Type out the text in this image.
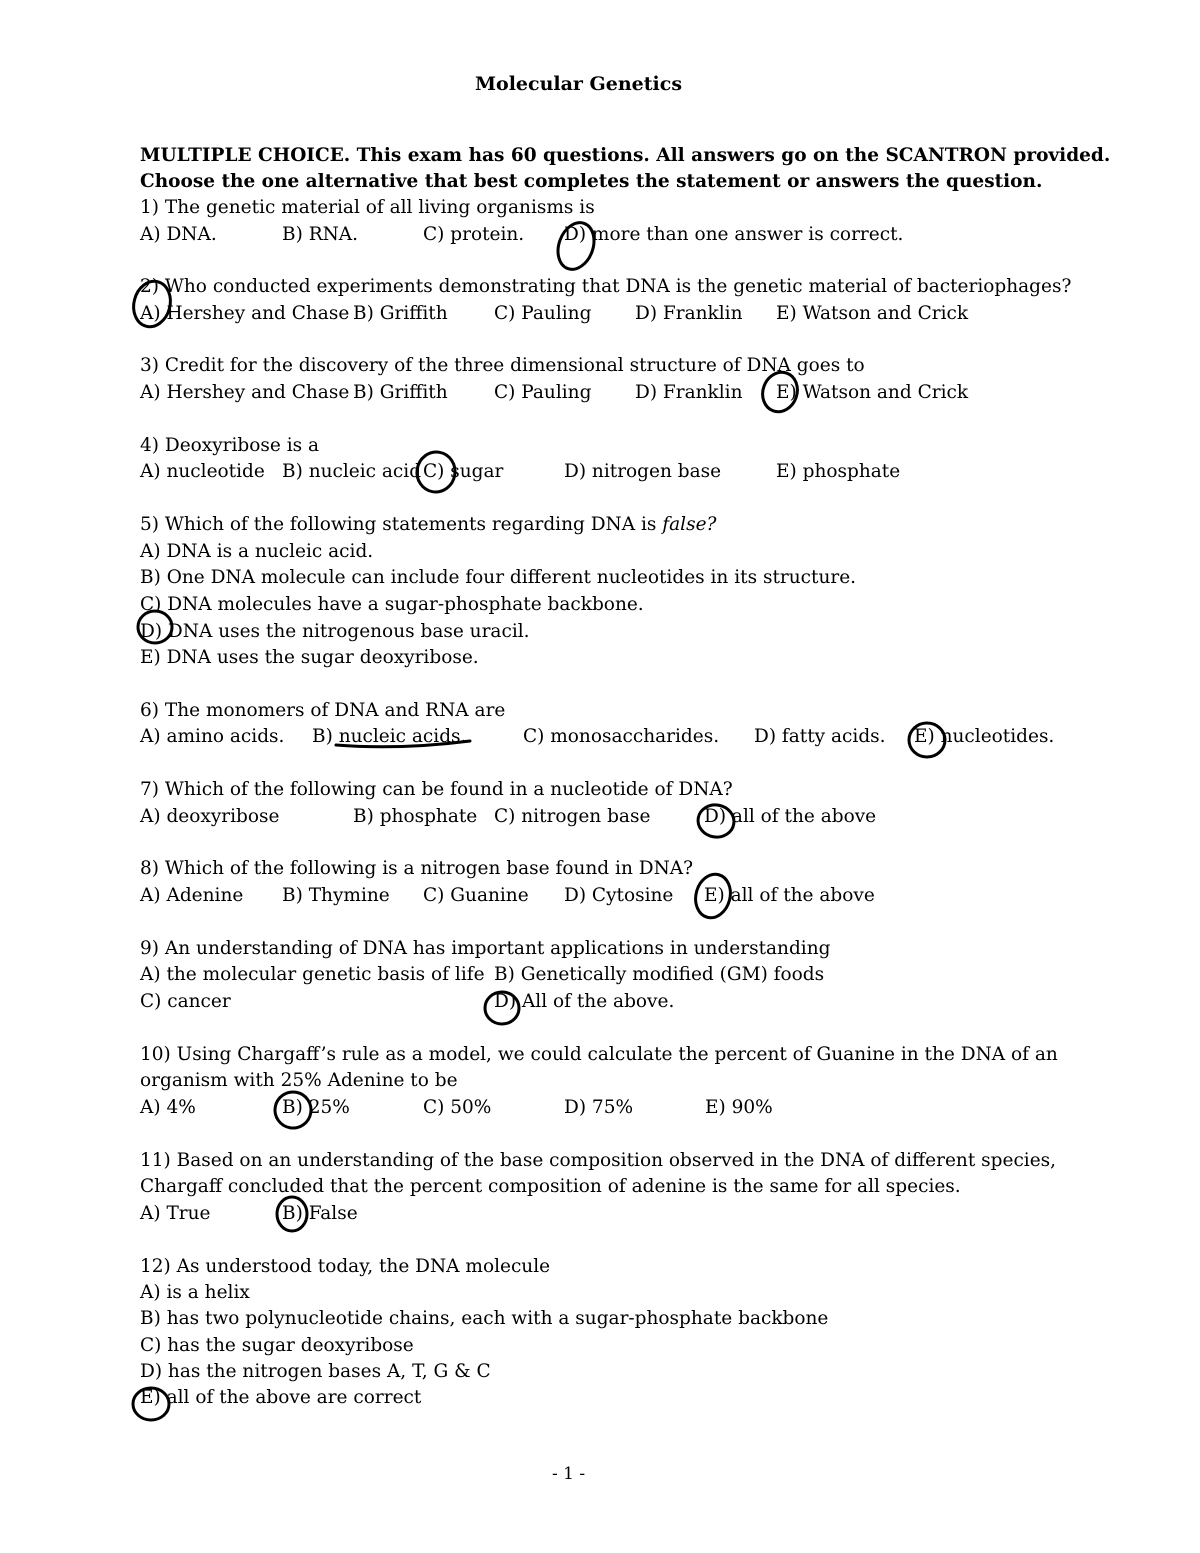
Molecular Genetics
MULTIPLE CHOICE. This exam has 60 questions. All answers go on the SCANTRON provided.
Choose the one alternative that best completes the statement or answers the question.
1) The genetic material of all living organisms is
A) DNA.	B) RNA.	C) protein. D) more than one answer is correct.
2) Who conducted experiments demonstrating that DNA is the genetic material of bacteriophages?
A) Hershey and Chase B) Griffith	C) Pauling D) Franklin E) Watson and Crick
3) Credit for the discovery of the three dimensional structure of DNA goes to
A) Hershey and Chase B) Griffith	C) Pauling D) Franklin E) Watson and Crick
4) Deoxyribose is a
A) nucleotide B) nucleic acid C) sugar	D) nitrogen base	E) phosphate
5) Which of the following statements regarding DNA is false?
A) DNA is a nucleic acid.
B) One DNA molecule can include four different nucleotides in its structure.
C) DNA molecules have a sugar-phosphate backbone.
D) DNA uses the nitrogenous base uracil.
E) DNA uses the sugar deoxyribose.
6) The monomers of DNA and RNA are
A) amino acids. B) nucleic acids.	C) monosaccharides. D) fatty acids. E) nucleotides.
7) Which of the following can be found in a nucleotide of DNA?
A) deoxyribose	B) phosphate C) nitrogen base	D) all of the above
8) Which of the following is a nitrogen base found in DNA?
A) Adenine B) Thymine C) Guanine D) Cytosine E) all of the above
9) An understanding of DNA has important applications in understanding
A) the molecular genetic basis of life B) Genetically modified (GM) foods
C) cancer	D) All of the above.
10) Using Chargaff’s rule as a model, we could calculate the percent of Guanine in the DNA of an
organism with 25% Adenine to be
A) 4%	B) 25%	C) 50%	D) 75%	E) 90%
11) Based on an understanding of the base composition observed in the DNA of different species,
Chargaff concluded that the percent composition of adenine is the same for all species.
A) True	B) False
12) As understood today, the DNA molecule
A) is a helix
B) has two polynucleotide chains, each with a sugar-phosphate backbone
C) has the sugar deoxyribose
D) has the nitrogen bases A, T, G & C
E) all of the above are correct
- 1 -
